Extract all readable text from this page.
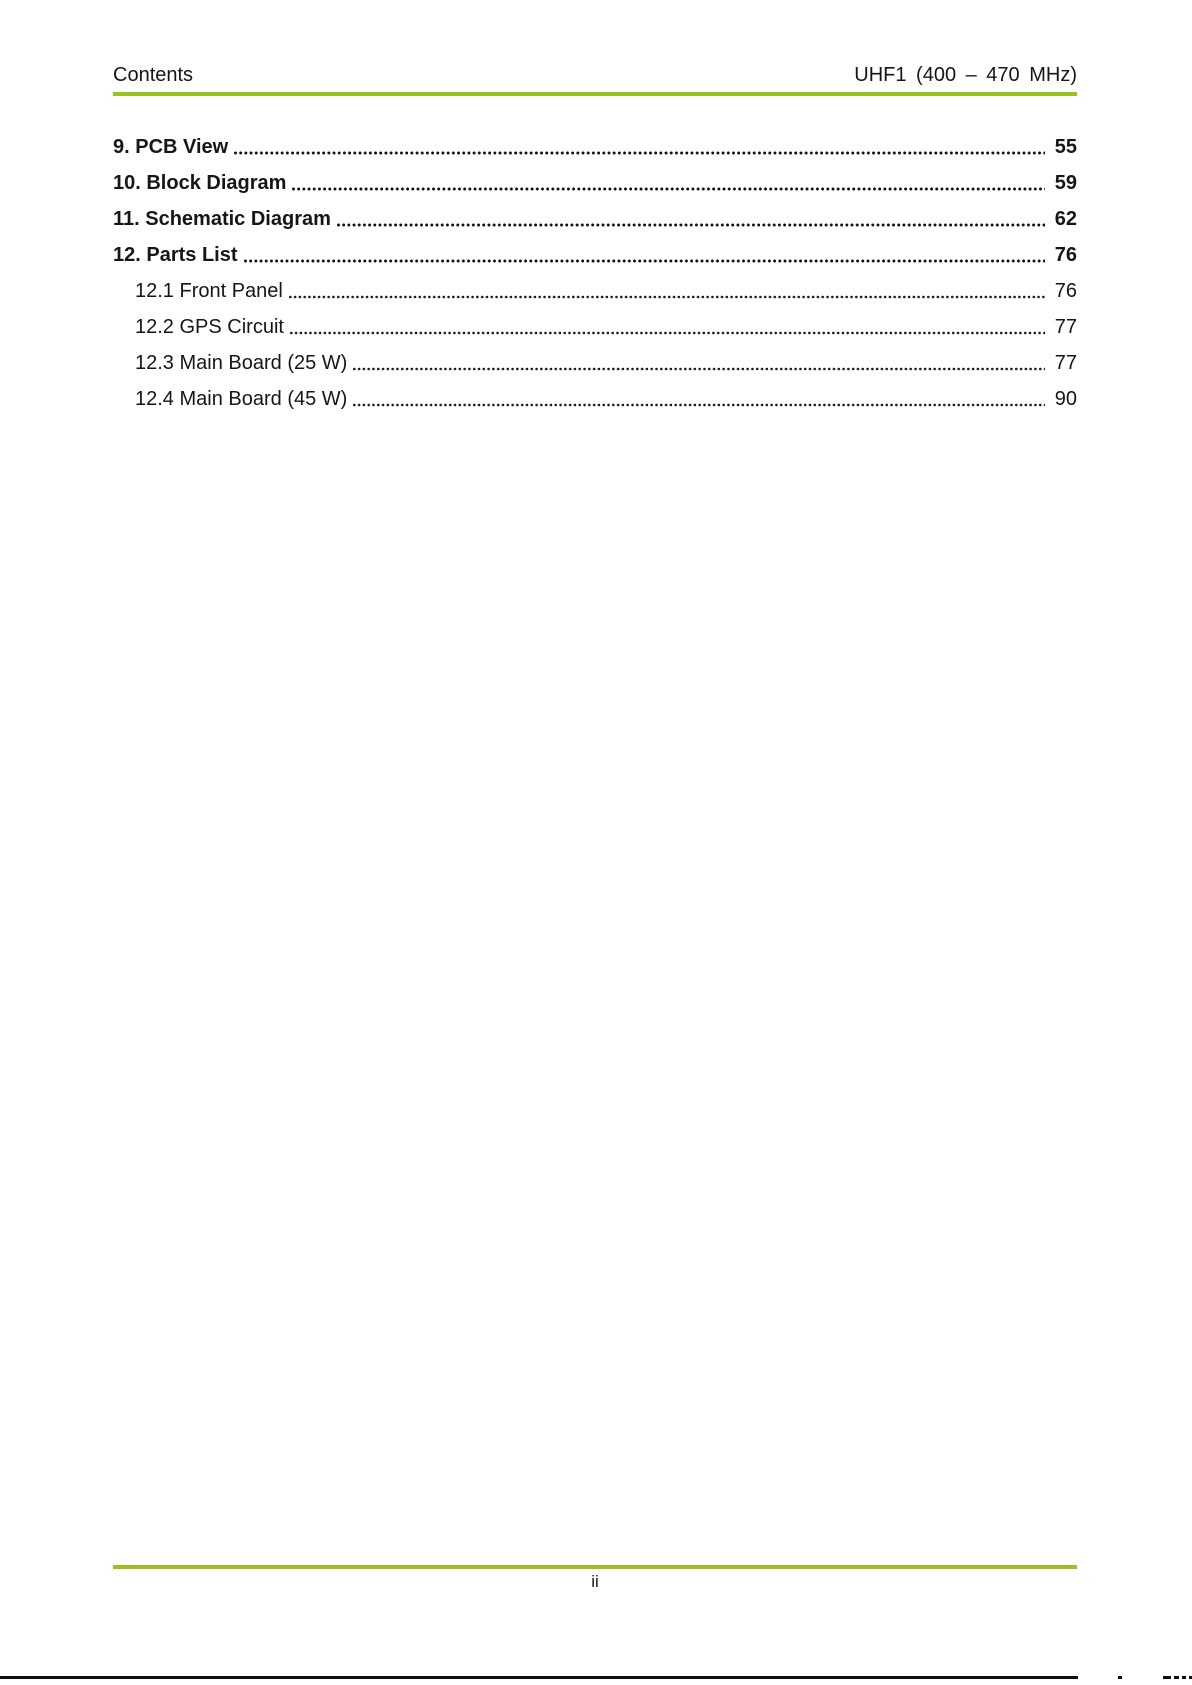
Contents	UHF1 (400 – 470 MHz)
9. PCB View	55
10. Block Diagram	59
11. Schematic Diagram	62
12. Parts List	76
12.1 Front Panel	76
12.2 GPS Circuit	77
12.3 Main Board (25 W)	77
12.4 Main Board (45 W)	90
ii
